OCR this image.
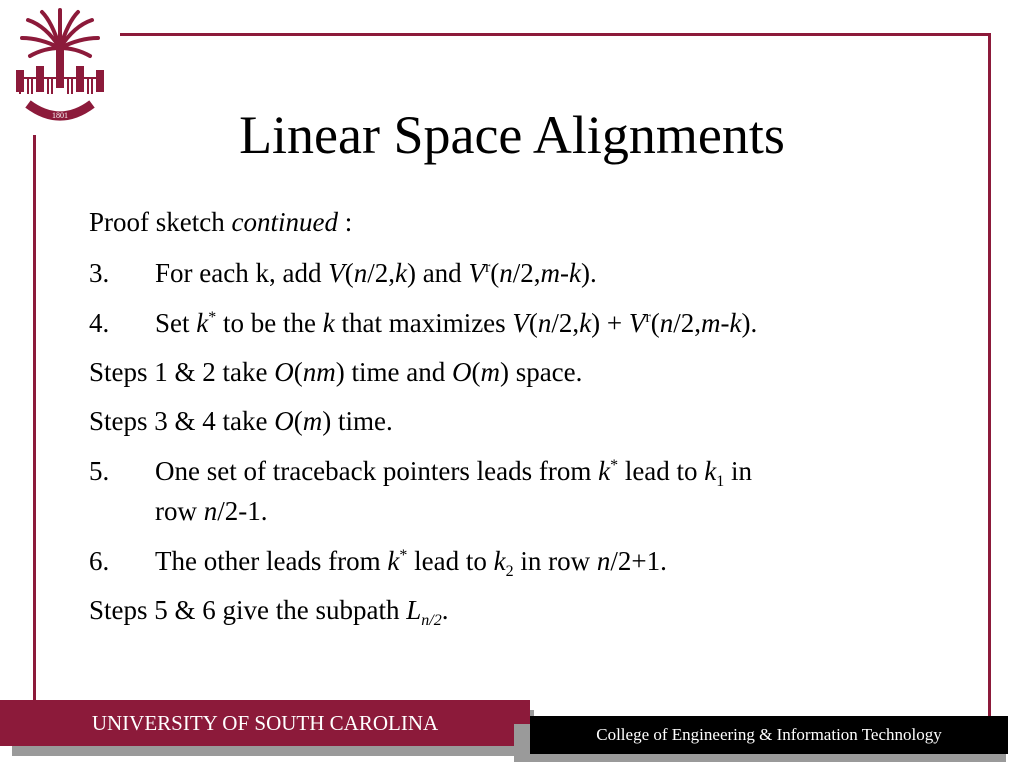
1801	Linear Space Alignments
Proof sketch continued :
3. For each k, add V(n/2,k) and $V^r(n/2,m-k)$.
4. Set k* to be the k that maximizes $V(n/2,k) + V^r(n/2,m-k)$.
Steps 1 & 2 take O(nm) time and O(m) space.
Steps 3 & 4 take O(m) time.
5. One set of traceback pointers leads from k* lead to $k_1$ in
row n/2-1.
6. The other leads from k* lead to $k_2$ in row n/2+1.
Steps 5 & 6 give the subpath $L_{n/2}$.
UNIVERSITY OF SOUTH CAROLINA	College of Engineering & Information Technology
